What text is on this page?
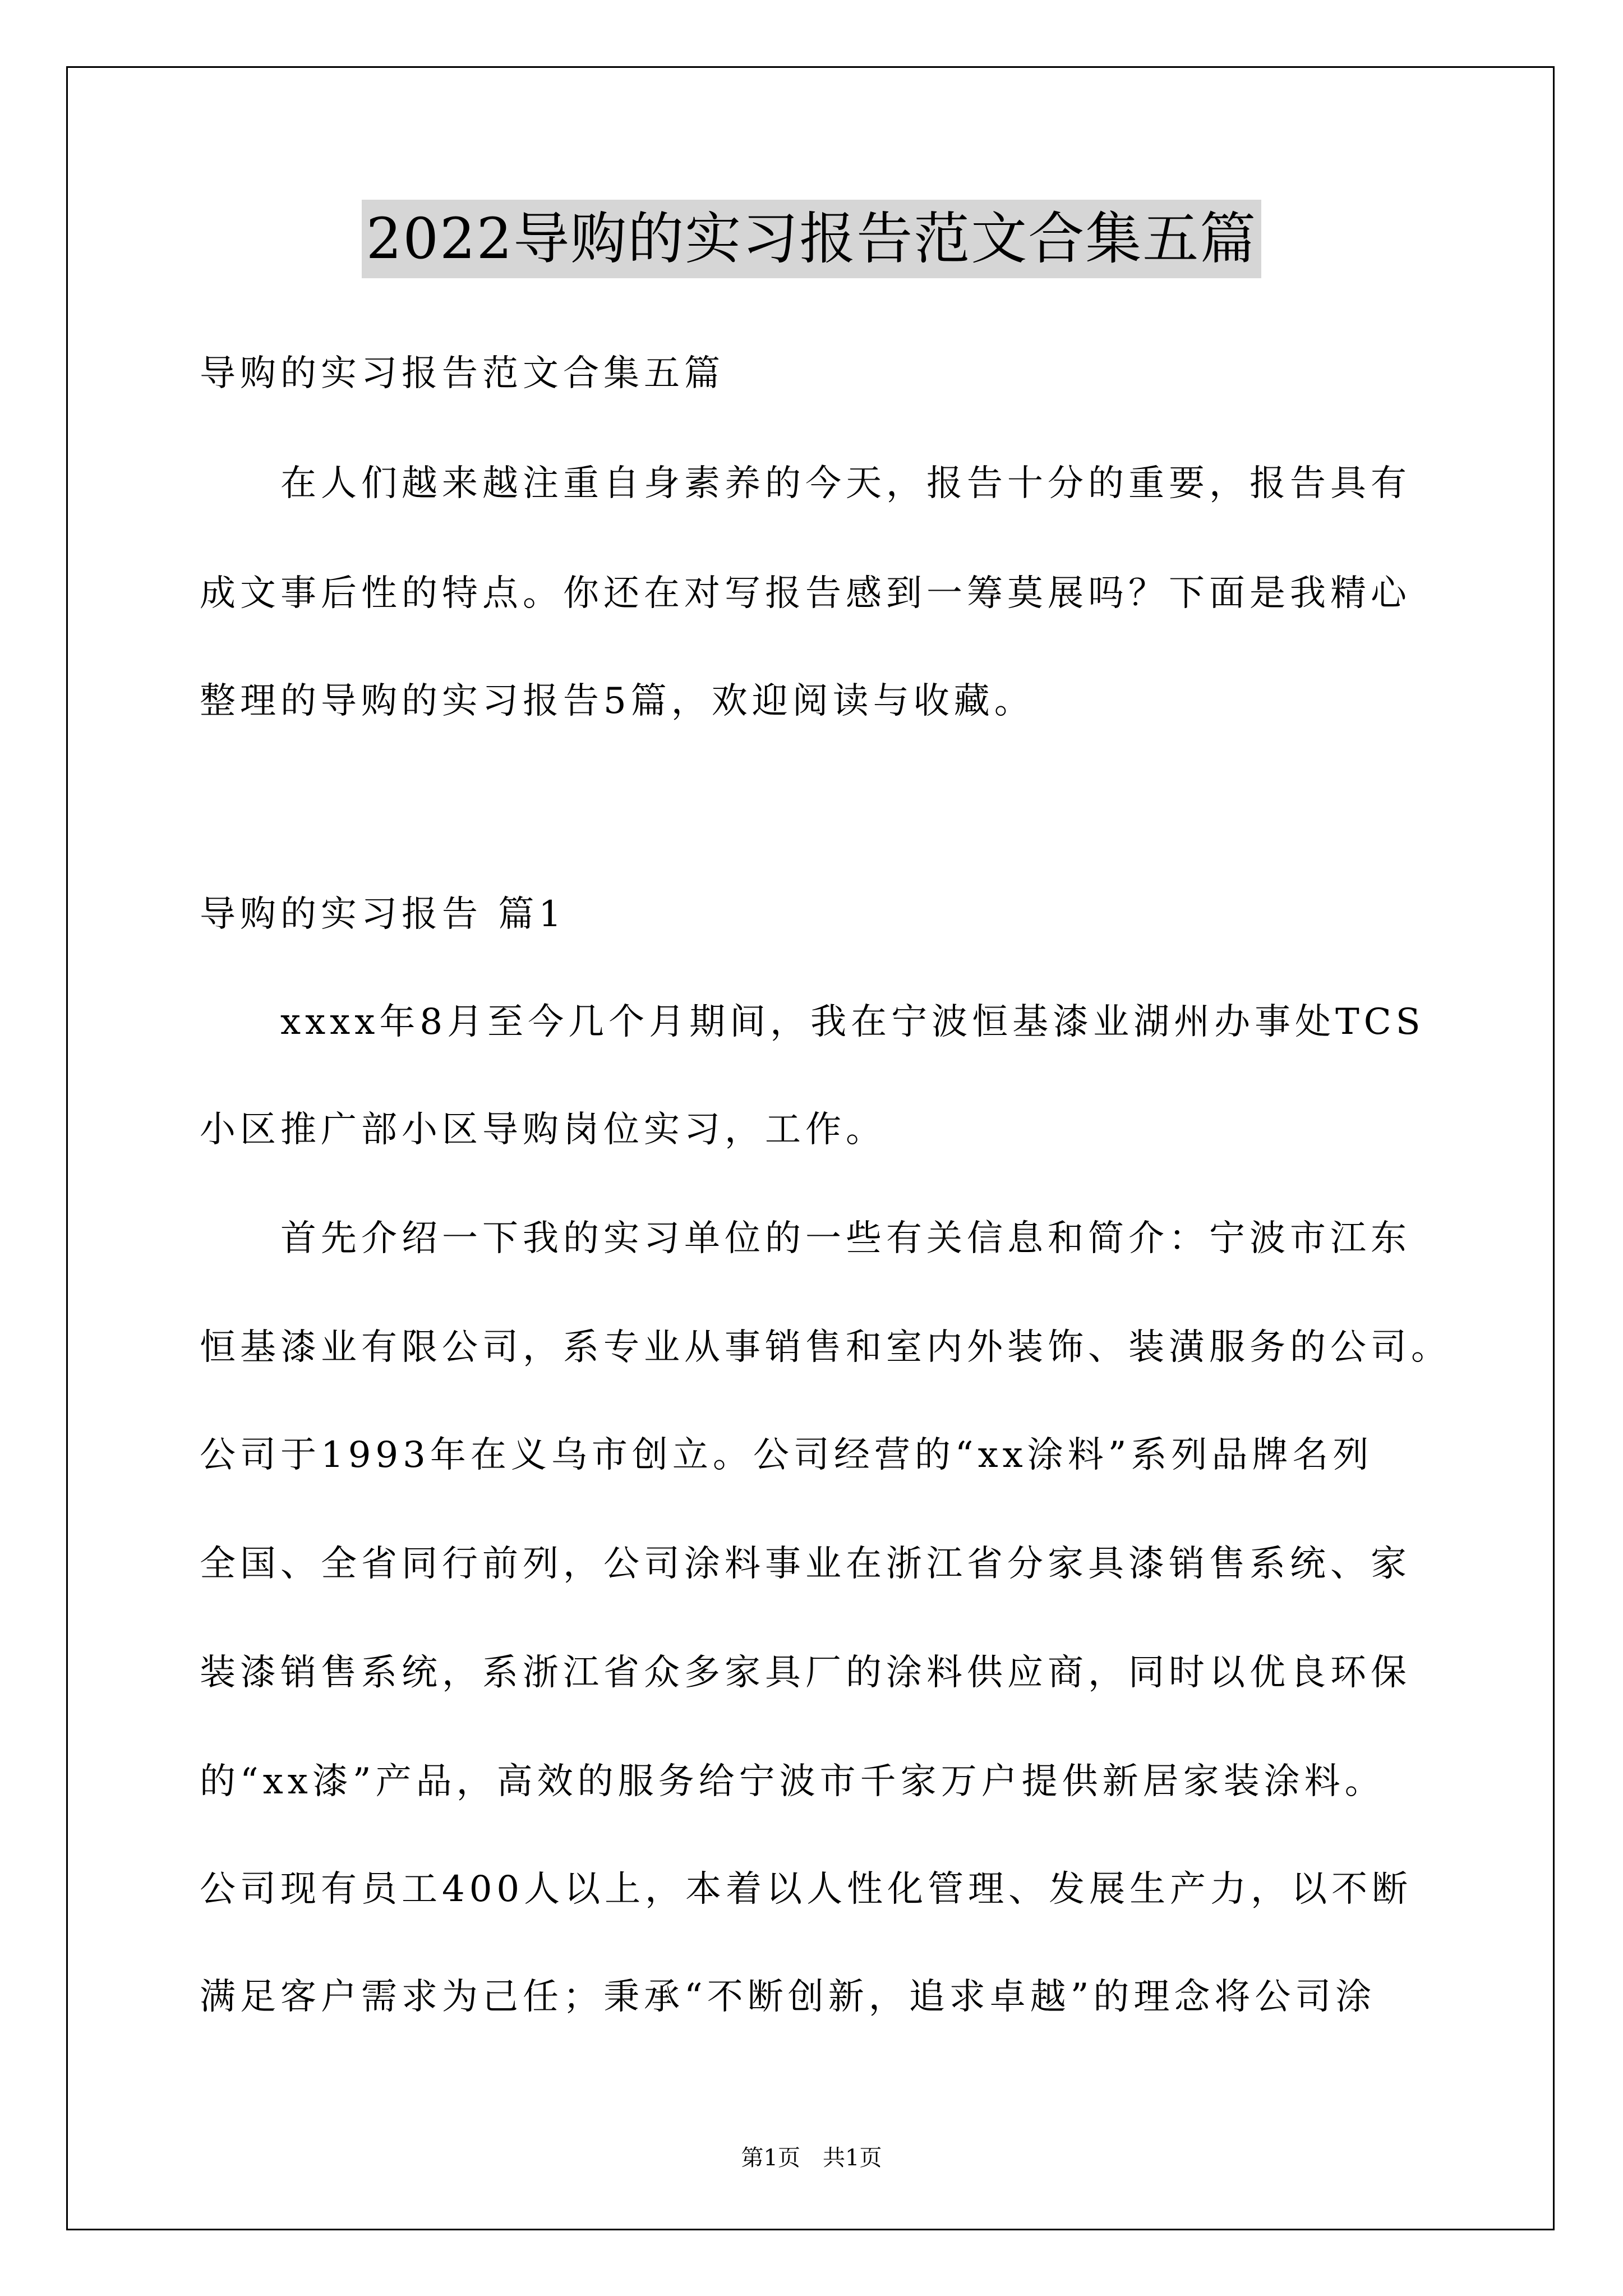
2022导购的实习报告范文合集五篇
导购的实习报告范文合集五篇
　　在人们越来越注重自身素养的今天，报告十分的重要，报告具有
成文事后性的特点。你还在对写报告感到一筹莫展吗？下面是我精心
整理的导购的实习报告5篇，欢迎阅读与收藏。
导购的实习报告 篇1
　　xxxx年8月至今几个月期间，我在宁波恒基漆业湖州办事处TCS
小区推广部小区导购岗位实习，工作。
　　首先介绍一下我的实习单位的一些有关信息和简介：宁波市江东
恒基漆业有限公司，系专业从事销售和室内外装饰、装潢服务的公司。
公司于1993年在义乌市创立。公司经营的“xx涂料”系列品牌名列
全国、全省同行前列，公司涂料事业在浙江省分家具漆销售系统、家
装漆销售系统，系浙江省众多家具厂的涂料供应商，同时以优良环保
的“xx漆”产品，高效的服务给宁波市千家万户提供新居家装涂料。
公司现有员工400人以上，本着以人性化管理、发展生产力，以不断
满足客户需求为己任；秉承“不断创新，追求卓越”的理念将公司涂
第1页　共1页
